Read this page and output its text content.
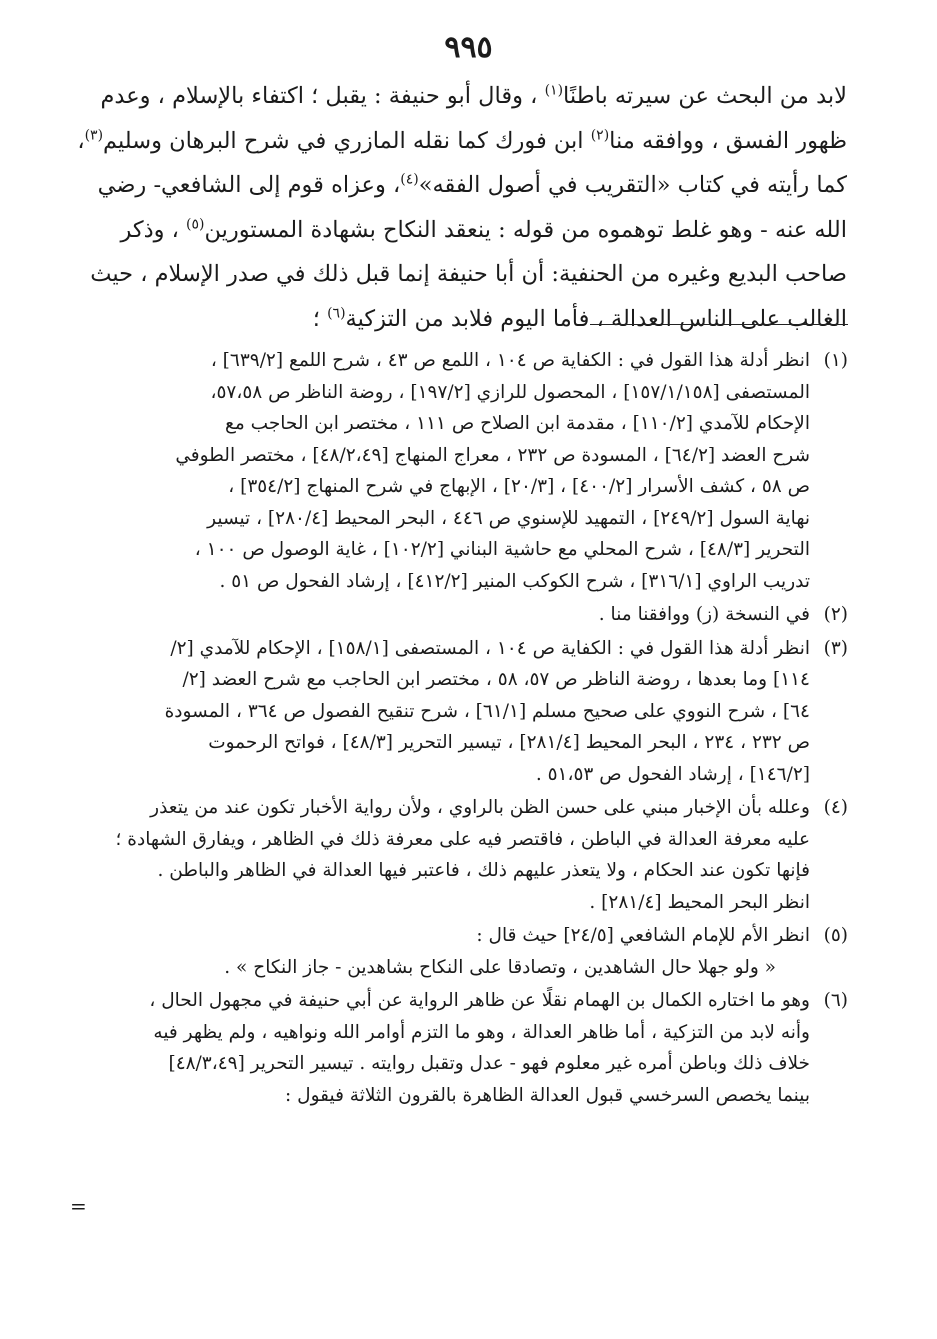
٩٩٥
لابد من البحث عن سيرته باطنًا$^{(١)}$ ، وقال أبو حنيفة : يقبل ؛ اكتفاء بالإسلام ، وعدم
ظهور الفسق ، ووافقه منا$^{(٢)}$ ابن فورك كما نقله المازري في شرح البرهان وسليم$^{(٣)}$،
كما رأيته في كتاب «التقريب في أصول الفقه»$^{(٤)}$، وعزاه قوم إلى الشافعي- رضي
الله عنه - وهو غلط توهموه من قوله : ينعقد النكاح بشهادة المستورين$^{(٥)}$ ، وذكر
صاحب البديع وغيره من الحنفية: أن أبا حنيفة إنما قبل ذلك في صدر الإسلام ، حيث
الغالب على الناس العدالة ، فأما اليوم فلابد من التزكية$^{(٦)}$ ؛
(١)
انظر أدلة هذا القول في : الكفاية ص ١٠٤ ، اللمع ص ٤٣ ، شرح اللمع [٦٣٩/٢] ،
المستصفى [١٥٧/١/١٥٨] ، المحصول للرازي [١٩٧/٢] ، روضة الناظر ص ٥٧،٥٨،
الإحكام للآمدي [١١٠/٢] ، مقدمة ابن الصلاح ص ١١١ ، مختصر ابن الحاجب مع
شرح العضد [٦٤/٢] ، المسودة ص ٢٣٢ ، معراج المنهاج [٤٨/٢،٤٩] ، مختصر الطوفي
ص ٥٨ ، كشف الأسرار [٤٠٠/٢] ، [٢٠/٣] ، الإبهاج في شرح المنهاج [٣٥٤/٢] ،
نهاية السول [٢٤٩/٢] ، التمهيد للإسنوي ص ٤٤٦ ، البحر المحيط [٢٨٠/٤] ، تيسير
التحرير [٤٨/٣] ، شرح المحلي مع حاشية البناني [١٠٢/٢] ، غاية الوصول ص ١٠٠ ،
تدريب الراوي [٣١٦/١] ، شرح الكوكب المنير [٤١٢/٢] ، إرشاد الفحول ص ٥١ .
(٢)
في النسخة (ز) ووافقنا منا .
(٣)
انظر أدلة هذا القول في : الكفاية ص ١٠٤ ، المستصفى [١٥٨/١] ، الإحكام للآمدي [٢/
١١٤] وما بعدها ، روضة الناظر ص ٥٧، ٥٨ ، مختصر ابن الحاجب مع شرح العضد [٢/
٦٤] ، شرح النووي على صحيح مسلم [٦١/١] ، شرح تنقيح الفصول ص ٣٦٤ ، المسودة
ص ٢٣٢ ، ٢٣٤ ، البحر المحيط [٢٨١/٤] ، تيسير التحرير [٤٨/٣] ، فواتح الرحموت
[١٤٦/٢] ، إرشاد الفحول ص ٥١،٥٣ .
(٤)
وعلله بأن الإخبار مبني على حسن الظن بالراوي ، ولأن رواية الأخبار تكون عند من يتعذر
عليه معرفة العدالة في الباطن ، فاقتصر فيه على معرفة ذلك في الظاهر ، ويفارق الشهادة ؛
فإنها تكون عند الحكام ، ولا يتعذر عليهم ذلك ، فاعتبر فيها العدالة في الظاهر والباطن .
انظر البحر المحيط [٢٨١/٤] .
(٥)
انظر الأم للإمام الشافعي [٢٤/٥] حيث قال :
« ولو جهلا حال الشاهدين ، وتصادقا على النكاح بشاهدين - جاز النكاح » .
(٦)
وهو ما اختاره الكمال بن الهمام نقلًا عن ظاهر الرواية عن أبي حنيفة في مجهول الحال ،
وأنه لابد من التزكية ، أما ظاهر العدالة ، وهو ما التزم أوامر الله ونواهيه ، ولم يظهر فيه
خلاف ذلك وباطن أمره غير معلوم فهو - عدل وتقبل روايته . تيسير التحرير [٤٨/٣،٤٩]
بينما يخصص السرخسي قبول العدالة الظاهرة بالقرون الثلاثة فيقول :
=
